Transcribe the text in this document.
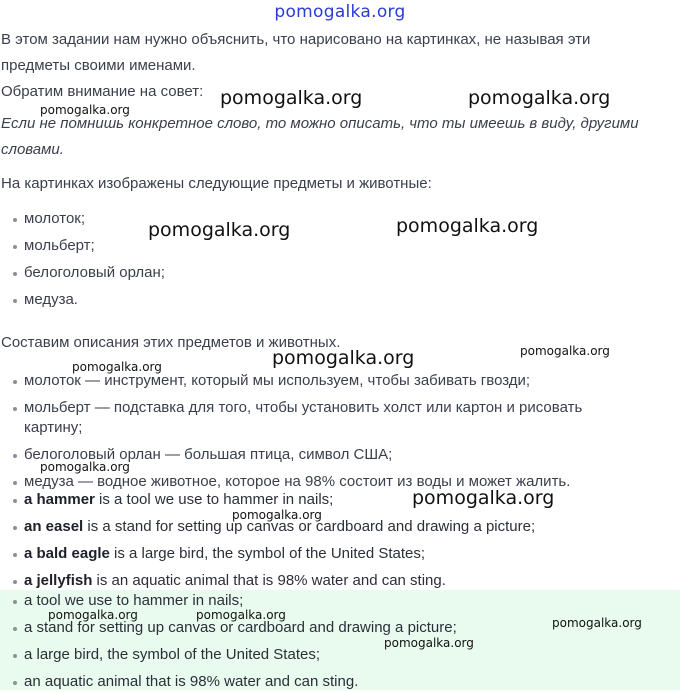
pomogalka.org

В этом задании нам нужно объяснить, что нарисовано на картинках, не называя эти

предметы своими именами.

Обратим внимание на совет:

Если не помнишь конкретное слово, то можно описать, что ты имеешь в виду, другими

словами.

На картинках изображены следующие предметы и животные:

молоток;
мольберт;
белоголовый орлан;
медуза.

Составим описания этих предметов и животных.

молоток — инструмент, который мы используем, чтобы забивать гвозди;
мольберт — подставка для того, чтобы установить холст или картон и рисовать
картину;
белоголовый орлан — большая птица, символ США;
медуза — водное животное, которое на 98% состоит из воды и может жалить.
a hammer is a tool we use to hammer in nails;
an easel is a stand for setting up canvas or cardboard and drawing a picture;
a bald eagle is a large bird, the symbol of the United States;
a jellyfish is an aquatic animal that is 98% water and can sting.
a tool we use to hammer in nails;
a stand for setting up canvas or cardboard and drawing a picture;
a large bird, the symbol of the United States;
an aquatic animal that is 98% water and can sting.
pomogalka.org	pomogalka.org
pomogalka.org
pomogalka.org	pomogalka.org
pomogalka.org
pomogalka.org
pomogalka.org
pomogalka.org
pomogalka.org
pomogalka.org
pomogalka.org	pomogalka.org
pomogalka.org
pomogalka.org
